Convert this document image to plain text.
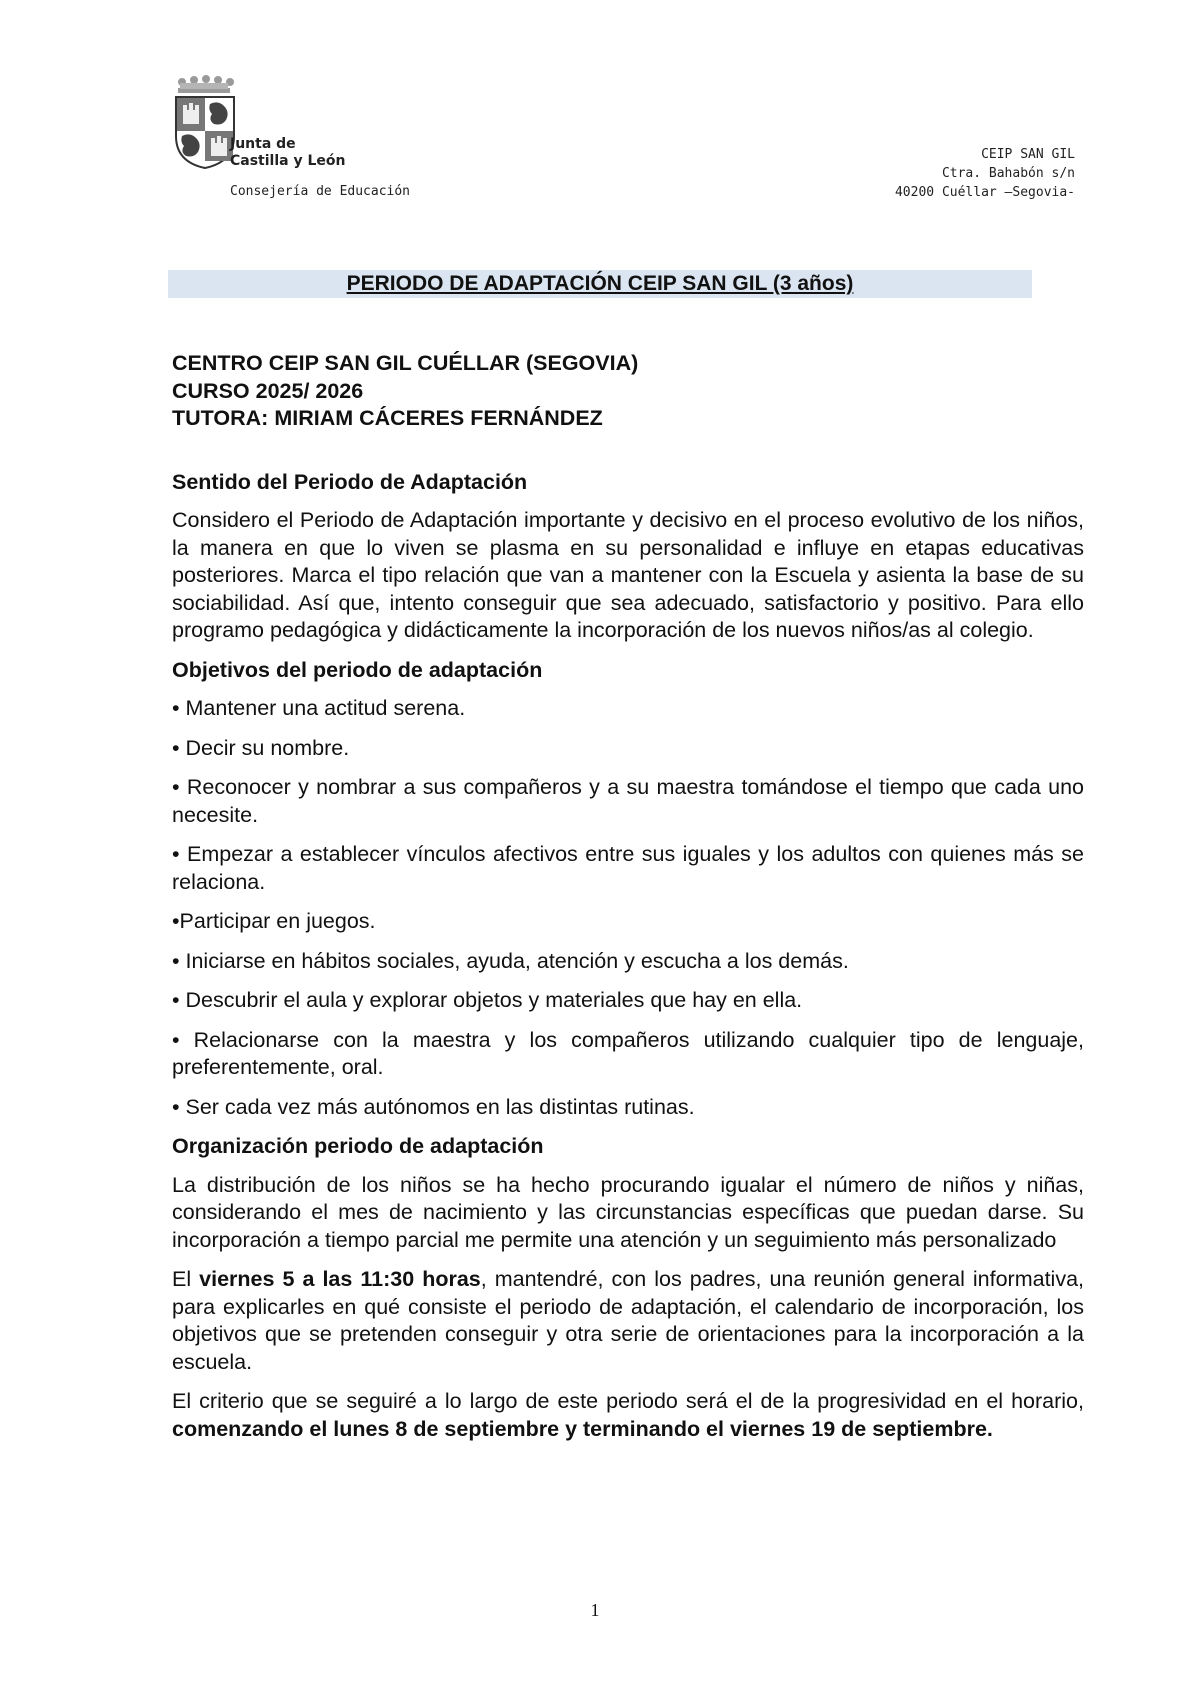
Junta de
Castilla y León
Consejería de Educación
CEIP SAN GIL
Ctra. Bahabón s/n
40200 Cuéllar –Segovia-
PERIODO DE ADAPTACIÓN CEIP SAN GIL (3 años)

CENTRO CEIP SAN GIL CUÉLLAR (SEGOVIA)

CURSO 2025/ 2026

TUTORA: MIRIAM CÁCERES FERNÁNDEZ

Sentido del Periodo de Adaptación

Considero el Periodo de Adaptación importante y decisivo en el proceso evolutivo de los niños, la manera en que lo viven se plasma en su personalidad e influye en etapas educativas posteriores. Marca el tipo relación que van a mantener con la Escuela y asienta la base de su sociabilidad. Así que, intento conseguir que sea adecuado, satisfactorio y positivo. Para ello programo pedagógica y didácticamente la incorporación de los nuevos niños/as al colegio.

Objetivos del periodo de adaptación

• Mantener una actitud serena.

• Decir su nombre.

• Reconocer y nombrar a sus compañeros y a su maestra tomándose el tiempo que cada uno necesite.

• Empezar a establecer vínculos afectivos entre sus iguales y los adultos con quienes más se relaciona.

•Participar en juegos.

• Iniciarse en hábitos sociales, ayuda, atención y escucha a los demás.

• Descubrir el aula y explorar objetos y materiales que hay en ella.

• Relacionarse con la maestra y los compañeros utilizando cualquier tipo de lenguaje, preferentemente, oral.

• Ser cada vez más autónomos en las distintas rutinas.

Organización periodo de adaptación

La distribución de los niños se ha hecho procurando igualar el número de niños y niñas, considerando el mes de nacimiento y las circunstancias específicas que puedan darse. Su incorporación a tiempo parcial me permite una atención y un seguimiento más personalizado

El viernes 5 a las 11:30 horas, mantendré, con los padres, una reunión general informativa, para explicarles en qué consiste el periodo de adaptación, el calendario de incorporación, los objetivos que se pretenden conseguir y otra serie de orientaciones para la incorporación a la escuela.

El criterio que se seguiré a lo largo de este periodo será el de la progresividad en el horario, comenzando el lunes 8 de septiembre y terminando el viernes 19 de septiembre.

1
